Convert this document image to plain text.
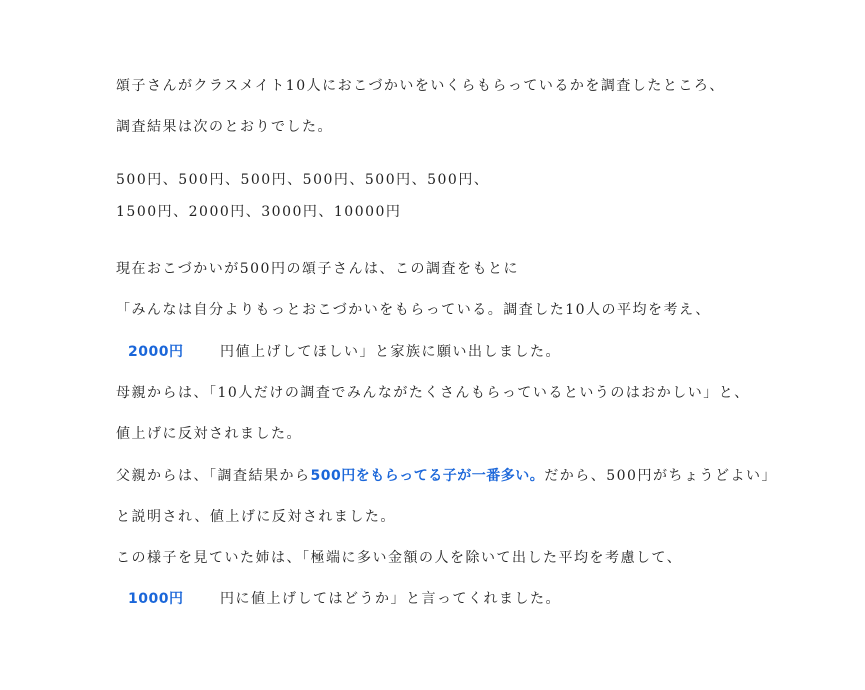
頌子さんがクラスメイト10人におこづかいをいくらもらっているかを調査したところ、
調査結果は次のとおりでした。
500円、500円、500円、500円、500円、500円、
1500円、2000円、3000円、10000円
現在おこづかいが500円の頌子さんは、この調査をもとに
「みんなは自分よりもっとおこづかいをもらっている。調査した10人の平均を考え、
2000円	円値上げしてほしい」と家族に願い出しました。
母親からは、「10人だけの調査でみんながたくさんもらっているというのはおかしい」と、
値上げに反対されました。
父親からは、「調査結果から500円をもらってる子が一番多い。だから、500円がちょうどよい」
と説明され、値上げに反対されました。
この様子を見ていた姉は、「極端に多い金額の人を除いて出した平均を考慮して、
1000円	円に値上げしてはどうか」と言ってくれました。
